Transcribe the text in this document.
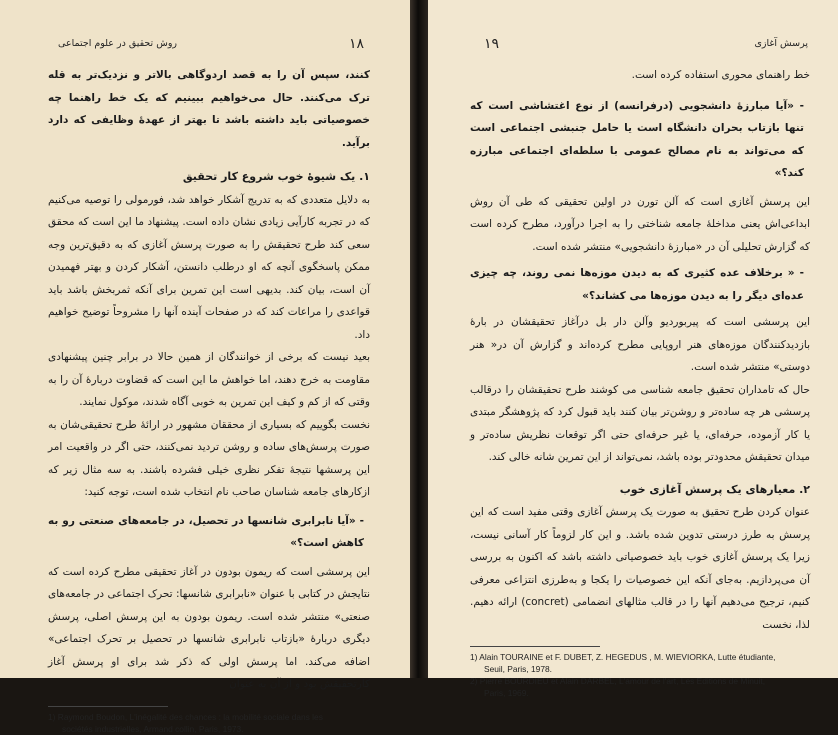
روش تحقیق در علوم اجتماعی	۱۸

کنند، سپس آن را به قصد اردوگاهی بالاتر و نزدیک‌تر به قله ترک می‌کنند. حال می‌خواهیم ببینیم که یک خط راهنما چه خصوصیاتی باید داشته باشد تا بهتر از عهدهٔ وظایفی که دارد برآید.

۱. یک شیوهٔ خوب شروع کار تحقیق

به دلایل متعددی که به تدریج آشکار خواهد شد، فورمولی را توصیه می‌کنیم که در تجربه کارآیی زیادی نشان داده است. پیشنهاد ما این است که محقق سعی کند طرح تحقیقش را به صورت پرسش آغازی که به دقیق‌ترین وجه ممکن پاسخگوی آنچه که او درطلب دانستن، آشکار کردن و بهتر فهمیدن آن است، بیان کند. بدیهی است این تمرین برای آنکه ثمربخش باشد باید قواعدی را مراعات کند که در صفحات آینده آنها را مشروحاً توضیح خواهیم داد.

بعید نیست که برخی از خوانندگان از همین حالا در برابر چنین پیشنهادی مقاومت به خرج دهند، اما خواهش ما این است که قضاوت دربارهٔ آن را به وقتی که از کم و کیف این تمرین به خوبی آگاه شدند، موکول نمایند.

نخست بگوییم که بسیاری از محققان مشهور در ارائهٔ طرح تحقیقی‌شان به صورت پرسش‌های ساده و روشن تردید نمی‌کنند، حتی اگر در واقعیت امر این پرسشها نتیجهٔ تفکر نظری خیلی فشرده باشند. به سه مثال زیر که ازکارهای جامعه شناسان صاحب نام انتخاب شده است، توجه کنید:

- «آیا نابرابری شانسها در تحصیل، در جامعه‌های صنعتی رو به کاهش است؟»

این پرسشی است که ریمون بودون در آغاز تحقیقی مطرح کرده است که نتایجش در کتابی با عنوان «نابرابری شانسها: تحرک اجتماعی در جامعه‌های صنعتی» منتشر شده است. ریمون بودون به این پرسش اصلی، پرسش دیگری دربارهٔ «بازتاب نابرابری شانسها در تحصیل بر تحرک اجتماعی» اضافه می‌کند. اما پرسش اولی که ذکر شد برای او پرسش آغاز کارتحقیقش بود و از آن به عنوان

1) Raymond Boudon, L'inégalité des chances : la mobilité sociale dans les
sociétés industrielles, Armand collin, Paris, 1973.
۱۹	پرسش آغازی

خط راهنمای محوری استفاده کرده است.

- «آیا مبارزهٔ دانشجویی (درفرانسه) از نوع اغتشاشی است که تنها بازتاب بحران دانشگاه است یا حامل جنبشی اجتماعی است که می‌تواند به نام مصالح عمومی با سلطه‌ای اجتماعی مبارزه کند؟»

این پرسش آغازی است که آلن تورن در اولین تحقیقی که طی آن روش ابداعی‌اش یعنی مداخلهٔ جامعه شناختی را به اجرا درآورد، مطرح کرده است که گزارش تحلیلی آن در «مبارزهٔ دانشجویی» منتشر شده است.

- « برخلاف عده کثیری که به دیدن موزه‌ها نمی روند، چه چیزی عده‌ای دیگر را به دیدن موزه‌ها می کشاند؟»

این پرسشی است که پیربوردیو وآلن دار بل درآغاز تحقیقشان در بارهٔ بازدیدکنندگان موزه‌های هنر اروپایی مطرح کرده‌اند و گزارش آن در« هنر دوستی» منتشر شده است.

حال که تامداران تحقیق جامعه شناسی می کوشند طرح تحقیقشان را درقالب پرسشی هر چه ساده‌تر و روشن‌تر بیان کنند باید قبول کرد که پژوهشگر مبتدی یا کار آزموده، حرفه‌ای، یا غیر حرفه‌ای حتی اگر توقعات نظریش ساده‌تر و میدان تحقیقش محدودتر بوده باشد، نمی‌تواند از این تمرین شانه خالی کند.

۲. معیارهای یک پرسش آغازی خوب

عنوان کردن طرح تحقیق به صورت یک پرسش آغازی وقتی مفید است که این پرسش به طرز درستی تدوین شده باشد. و این کار لزوماً کار آسانی نیست، زیرا یک پرسش آغازی خوب باید خصوصیاتی داشته باشد که اکنون به بررسی آن می‌پردازیم. به‌جای آنکه این خصوصیات را یکجا و به‌طرزی انتزاعی معرفی کنیم، ترجیح می‌دهیم آنها را در قالب مثالهای انضمامی (concret) ارائه دهیم. لذا، نخست

1) Alain TOURAINE et F. DUBET, Z. HEGEDUS , M. WIEVIORKA, Lutte étudiante,
Seuil, Paris, 1978.
2) Pierre BOURDIEU et Alain DARBEL, L'amour de l'art, Les Editions de Minuit,
Paris, 1969.
